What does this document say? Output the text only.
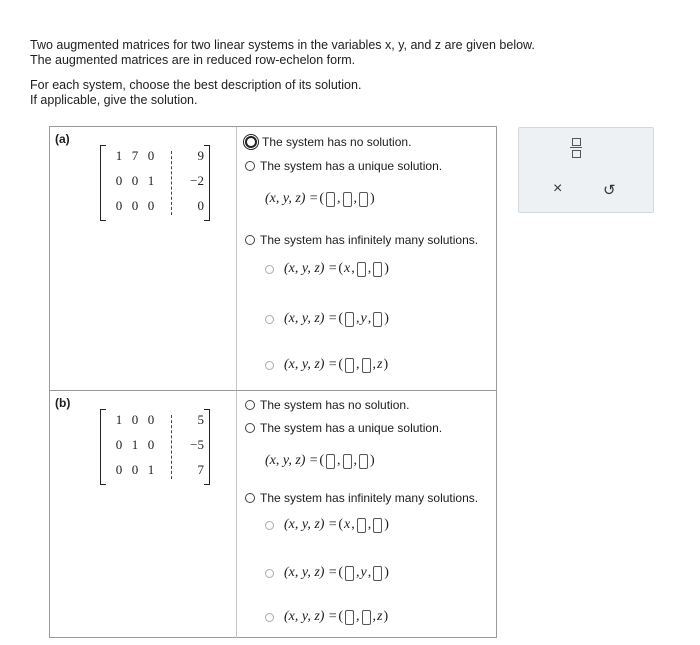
Two augmented matrices for two linear systems in the variables x, y, and z are given below.

The augmented matrices are in reduced row-echelon form.

For each system, choose the best description of its solution.

If applicable, give the solution.

(a)
1 7 0	9
0 0 1	−2
0 0 0	0
The system has no solution.
The system has a unique solution.
(x, y, z) = ( , , )
The system has infinitely many solutions.
(x, y, z) = ( x , , )
(x, y, z) = ( , y , )
(x, y, z) = ( , , z )
(b)
1 0 0	5
0 1 0	−5
0 0 1	7
The system has no solution.
The system has a unique solution.
(x, y, z) = ( , , )
The system has infinitely many solutions.
(x, y, z) = ( x , , )
(x, y, z) = ( , y , )
(x, y, z) = ( , , z )
×	↺
